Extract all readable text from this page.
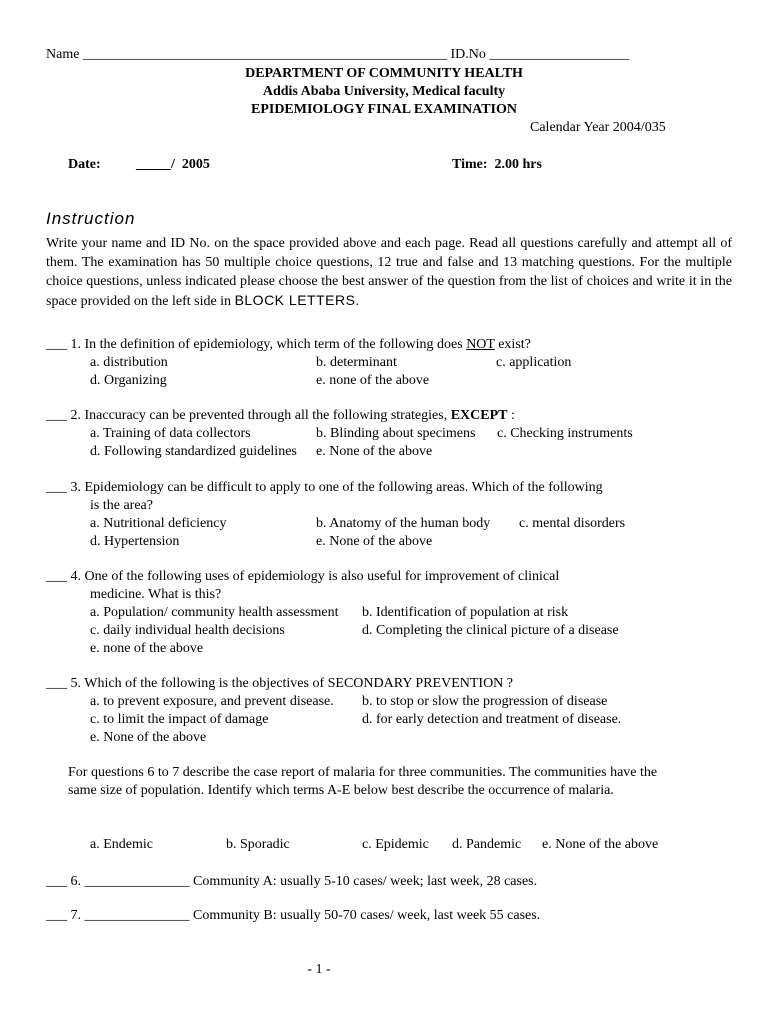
Name ____________________________________________________ ID.No ____________________
DEPARTMENT OF COMMUNITY HEALTH
Addis Ababa University, Medical faculty
EPIDEMIOLOGY FINAL EXAMINATION
Calendar Year 2004/035
Date:	_____/  2005	Time:  2.00 hrs
Instruction
Write your name and ID No. on the space provided above and each page. Read all questions carefully and attempt all of them. The examination has 50 multiple choice questions, 12 true and false and 13 matching questions. For the multiple choice questions, unless indicated please choose the best answer of the question from the list of choices and write it in the space provided on the left side in BLOCK LETTERS.
___ 1. In the definition of epidemiology, which term of the following does NOT exist?
a. distribution	b. determinant	c. application
d. Organizing	e. none of the above
___ 2. Inaccuracy can be prevented through all the following strategies, EXCEPT :
a. Training of data collectors	b. Blinding about specimens c. Checking instruments
d. Following standardized guidelines e. None of the above
___ 3. Epidemiology can be difficult to apply to one of the following areas. Which of the following
is the area?
a. Nutritional deficiency	b. Anatomy of the human body c. mental disorders
d. Hypertension	e. None of the above
___ 4. One of the following uses of epidemiology is also useful for improvement of clinical
medicine. What is this?
a. Population/ community health assessment b. Identification of population at risk
c. daily individual health decisions	d. Completing the clinical picture of a disease
e. none of the above
___ 5. Which of the following is the objectives of SECONDARY PREVENTION ?
a. to prevent exposure, and prevent disease. b. to stop or slow the progression of disease
c. to limit the impact of damage	d. for early detection and treatment of disease.
e. None of the above
For questions 6 to 7 describe the case report of malaria for three communities. The communities have the same size of population. Identify which terms A-E below best describe the occurrence of malaria.
a. Endemic	b. Sporadic	c. Epidemic d. Pandemic e. None of the above
___ 6. _______________ Community A: usually 5-10 cases/ week; last week, 28 cases.
___ 7. _______________ Community B: usually 50-70 cases/ week, last week 55 cases.
- 1 -
